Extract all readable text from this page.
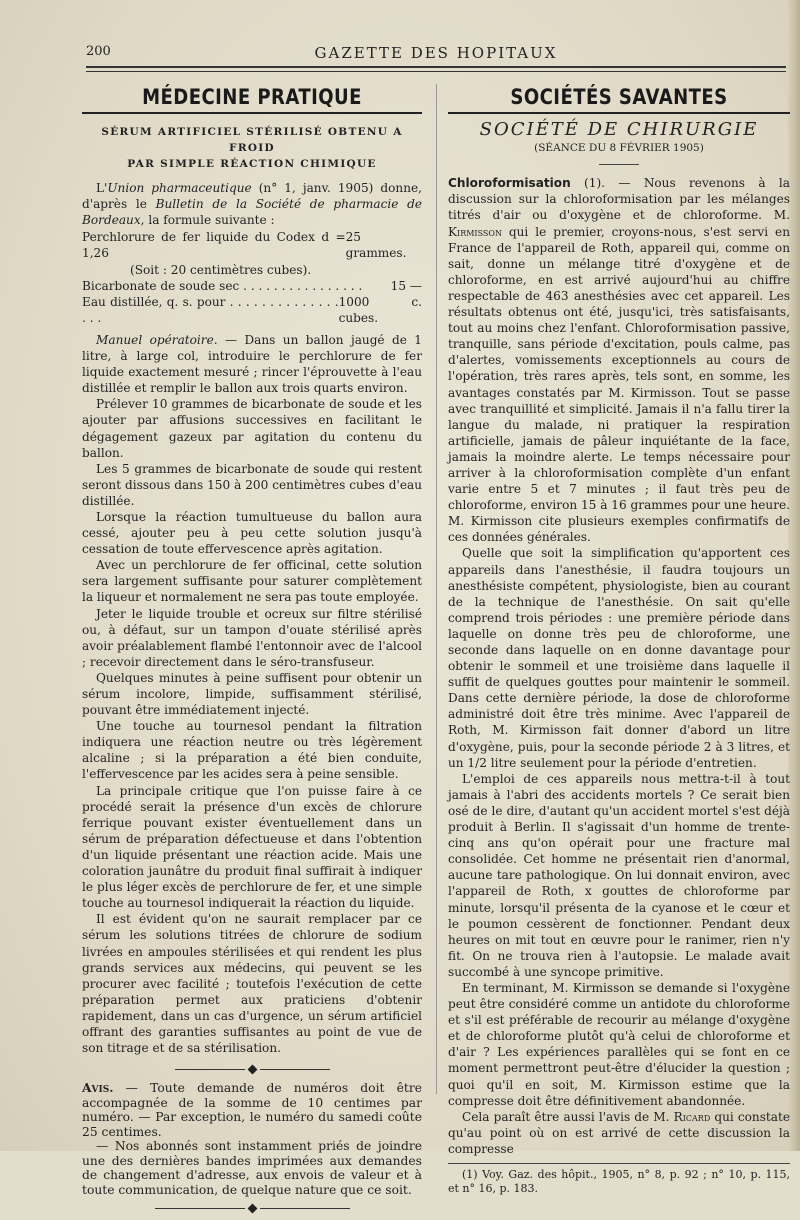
200	GAZETTE DES HOPITAUX
MÉDECINE PRATIQUE
SÉRUM ARTIFICIEL STÉRILISÉ OBTENU A FROID
PAR SIMPLE RÉACTION CHIMIQUE

L'Union pharmaceutique (n° 1, janv. 1905) donne, d'après le Bulletin de la Société de pharmacie de Bordeaux, la formule suivante :

Perchlorure de fer liquide du Codex d = 1,26
25 grammes.
(Soit : 20 centimètres cubes).
Bicarbonate de soude sec . . . . . . . . . . . . . . . . 15 —
Eau distillée, q. s. pour . . . . . . . . . . . . . . . . .
1000 c. cubes.

Manuel opératoire. — Dans un ballon jaugé de 1 litre, à large col, introduire le perchlorure de fer liquide exactement mesuré ; rincer l'éprouvette à l'eau distillée et remplir le ballon aux trois quarts environ.

Prélever 10 grammes de bicarbonate de soude et les ajouter par affusions successives en facilitant le dégagement gazeux par agitation du contenu du ballon.

Les 5 grammes de bicarbonate de soude qui restent seront dissous dans 150 à 200 centimètres cubes d'eau distillée.

Lorsque la réaction tumultueuse du ballon aura cessé, ajouter peu à peu cette solution jusqu'à cessation de toute effervescence après agitation.

Avec un perchlorure de fer officinal, cette solution sera largement suffisante pour saturer complètement la liqueur et normalement ne sera pas toute employée.

Jeter le liquide trouble et ocreux sur filtre stérilisé ou, à défaut, sur un tampon d'ouate stérilisé après avoir préalablement flambé l'entonnoir avec de l'alcool ; recevoir directement dans le séro-transfuseur.

Quelques minutes à peine suffisent pour obtenir un sérum incolore, limpide, suffisamment stérilisé, pouvant être immédiatement injecté.

Une touche au tournesol pendant la filtration indiquera une réaction neutre ou très légèrement alcaline ; si la préparation a été bien conduite, l'effervescence par les acides sera à peine sensible.

La principale critique que l'on puisse faire à ce procédé serait la présence d'un excès de chlorure ferrique pouvant exister éventuellement dans un sérum de préparation défectueuse et dans l'obtention d'un liquide présentant une réaction acide. Mais une coloration jaunâtre du produit final suffirait à indiquer le plus léger excès de perchlorure de fer, et une simple touche au tournesol indiquerait la réaction du liquide.

Il est évident qu'on ne saurait remplacer par ce sérum les solutions titrées de chlorure de sodium livrées en ampoules stérilisées et qui rendent les plus grands services aux médecins, qui peuvent se les procurer avec facilité ; toutefois l'exécution de cette préparation permet aux praticiens d'obtenir rapidement, dans un cas d'urgence, un sérum artificiel offrant des garanties suffisantes au point de vue de son titrage et de sa stérilisation.

Avis. — Toute demande de numéros doit être accompagnée de la somme de 10 centimes par numéro. — Par exception, le numéro du samedi coûte 25 centimes.

— Nos abonnés sont instamment priés de joindre une des dernières bandes imprimées aux demandes de changement d'adresse, aux envois de valeur et à toute communication, de quelque nature que ce soit.

SOCIÉTÉS SAVANTES
SOCIÉTÉ DE CHIRURGIE
(SÉANCE DU 8 FÉVRIER 1905)

Chloroformisation (1). — Nous revenons à la discussion sur la chloroformisation par les mélanges titrés d'air ou d'oxygène et de chloroforme. M. Kirmisson qui le premier, croyons-nous, s'est servi en France de l'appareil de Roth, appareil qui, comme on sait, donne un mélange titré d'oxygène et de chloroforme, en est arrivé aujourd'hui au chiffre respectable de 463 anesthésies avec cet appareil. Les résultats obtenus ont été, jusqu'ici, très satisfaisants, tout au moins chez l'enfant. Chloroformisation passive, tranquille, sans période d'excitation, pouls calme, pas d'alertes, vomissements exceptionnels au cours de l'opération, très rares après, tels sont, en somme, les avantages constatés par M. Kirmisson. Tout se passe avec tranquillité et simplicité. Jamais il n'a fallu tirer la langue du malade, ni pratiquer la respiration artificielle, jamais de pâleur inquiétante de la face, jamais la moindre alerte. Le temps nécessaire pour arriver à la chloroformisation complète d'un enfant varie entre 5 et 7 minutes ; il faut très peu de chloroforme, environ 15 à 16 grammes pour une heure. M. Kirmisson cite plusieurs exemples confirmatifs de ces données générales.

Quelle que soit la simplification qu'apportent ces appareils dans l'anesthésie, il faudra toujours un anesthésiste compétent, physiologiste, bien au courant de la technique de l'anesthésie. On sait qu'elle comprend trois périodes : une première période dans laquelle on donne très peu de chloroforme, une seconde dans laquelle on en donne davantage pour obtenir le sommeil et une troisième dans laquelle il suffit de quelques gouttes pour maintenir le sommeil. Dans cette dernière période, la dose de chloroforme administré doit être très minime. Avec l'appareil de Roth, M. Kirmisson fait donner d'abord un litre d'oxygène, puis, pour la seconde période 2 à 3 litres, et un 1/2 litre seulement pour la période d'entretien.

L'emploi de ces appareils nous mettra-t-il à tout jamais à l'abri des accidents mortels ? Ce serait bien osé de le dire, d'autant qu'un accident mortel s'est déjà produit à Berlin. Il s'agissait d'un homme de trente-cinq ans qu'on opérait pour une fracture mal consolidée. Cet homme ne présentait rien d'anormal, aucune tare pathologique. On lui donnait environ, avec l'appareil de Roth, x gouttes de chloroforme par minute, lorsqu'il présenta de la cyanose et le cœur et le poumon cessèrent de fonctionner. Pendant deux heures on mit tout en œuvre pour le ranimer, rien n'y fit. On ne trouva rien à l'autopsie. Le malade avait succombé à une syncope primitive.

En terminant, M. Kirmisson se demande si l'oxygène peut être considéré comme un antidote du chloroforme et s'il est préférable de recourir au mélange d'oxygène et de chloroforme plutôt qu'à celui de chloroforme et d'air ? Les expériences parallèles qui se font en ce moment permettront peut-être d'élucider la question ; quoi qu'il en soit, M. Kirmisson estime que la compresse doit être définitivement abandonnée.

Cela paraît être aussi l'avis de M. Ricard qui constate qu'au point où on est arrivé de cette discussion la compresse

(1) Voy. Gaz. des hôpit., 1905, n° 8, p. 92 ; n° 10, p. 115, et n° 16, p. 183.
